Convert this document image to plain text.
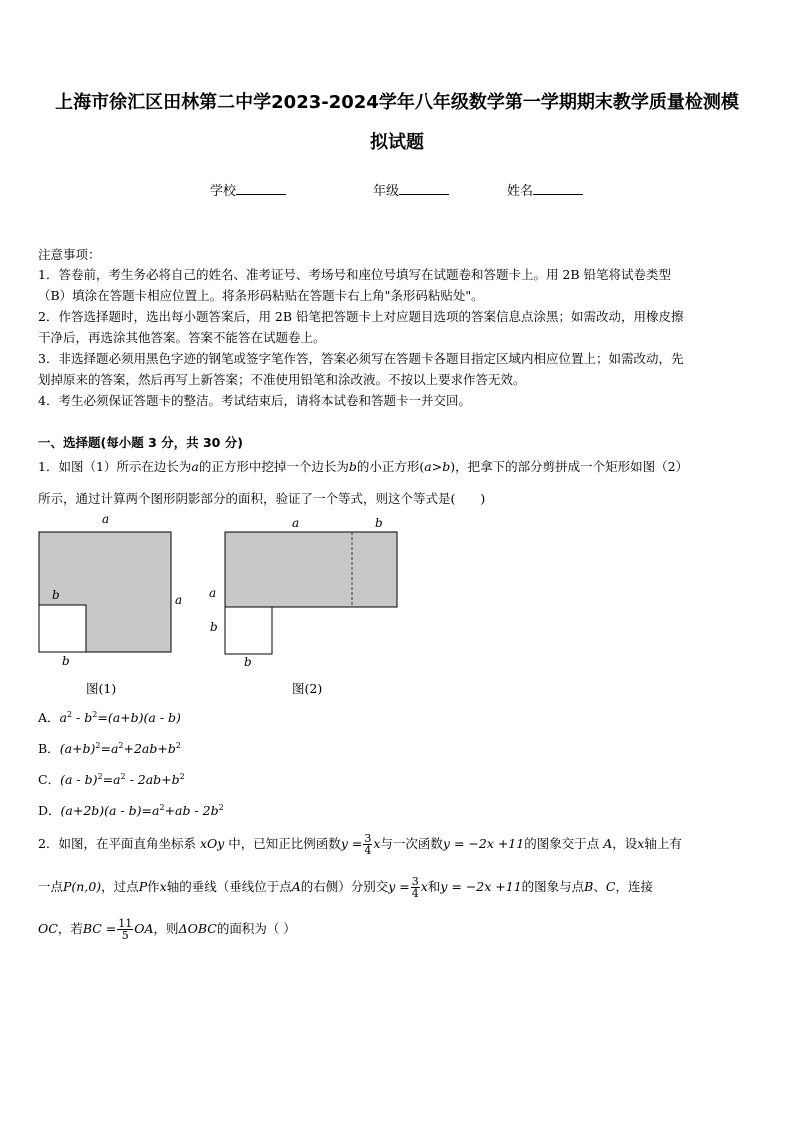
上海市徐汇区田林第二中学2023-2024学年八年级数学第一学期期末教学质量检测模
拟试题
学校	年级	姓名
注意事项：
1．答卷前，考生务必将自己的姓名、准考证号、考场号和座位号填写在试题卷和答题卡上。用 2B 铅笔将试卷类型
（B）填涂在答题卡相应位置上。将条形码粘贴在答题卡右上角"条形码粘贴处"。
2．作答选择题时，选出每小题答案后，用 2B 铅笔把答题卡上对应题目选项的答案信息点涂黑；如需改动，用橡皮擦
干净后，再选涂其他答案。答案不能答在试题卷上。
3．非选择题必须用黑色字迹的钢笔或签字笔作答，答案必须写在答题卡各题目指定区域内相应位置上；如需改动，先
划掉原来的答案，然后再写上新答案；不准使用铅笔和涂改液。不按以上要求作答无效。
4．考生必须保证答题卡的整洁。考试结束后，请将本试卷和答题卡一并交回。
一、选择题(每小题 3 分，共 30 分)
1．如图（1）所示在边长为a的正方形中挖掉一个边长为b的小正方形(a>b)，把拿下的部分剪拼成一个矩形如图（2）
所示，通过计算两个图形阴影部分的面积，验证了一个等式，则这个等式是(　　)
a
a
b
b
a	b
a
b
b
图(1)	图(2)
A．$a^2 - b^2=(a+b)(a - b)$
B．$(a+b)^2=a^2+2ab+b^2$
C．$(a - b)^2=a^2 - 2ab+b^2$
D．$(a+2b)(a - b)=a^2+ab - 2b^2$
2．如图，在平面直角坐标系 xOy 中，已知正比例函数$y = \frac{3}{4}$ x与一次函数y = −2x +11的图象交于点 A，设x轴上有
一点P(n,0)，过点P作x轴的垂线（垂线位于点A的右侧）分别交$y = \frac{3}{4}$ x和y = −2x +11的图象与点B、C，连接
OC，若BC = $\frac{11}{5}$ OA，则ΔOBC的面积为（ ）
